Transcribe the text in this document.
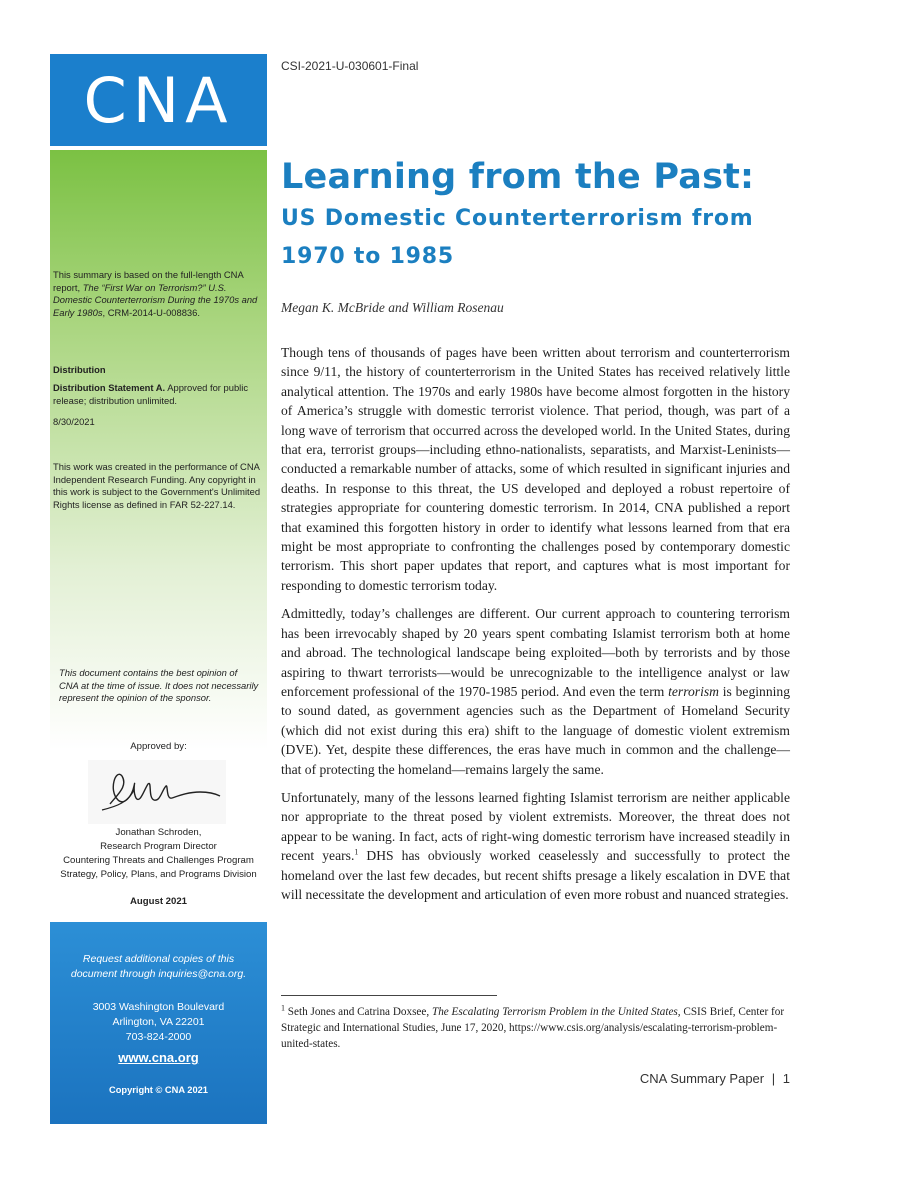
CSI-2021-U-030601-Final
CNA
This summary is based on the full-length CNA report, The “First War on Terrorism?” U.S. Domestic Counterterrorism During the 1970s and Early 1980s, CRM-2014-U-008836.
Distribution
Distribution Statement A. Approved for public release; distribution unlimited.
8/30/2021
This work was created in the performance of CNA Independent Research Funding. Any copyright in this work is subject to the Government's Unlimited Rights license as defined in FAR 52-227.14.
This document contains the best opinion of CNA at the time of issue. It does not necessarily represent the opinion of the sponsor.
Approved by:
Jonathan Schroden,
Research Program Director
Countering Threats and Challenges Program
Strategy, Policy, Plans, and Programs Division
August 2021
Request additional copies of this
document through inquiries@cna.org.
3003 Washington Boulevard
Arlington, VA 22201
703-824-2000
www.cna.org
Copyright © CNA 2021
Learning from the Past:
US Domestic Counterterrorism from 1970 to 1985
Megan K. McBride and William Rosenau

Though tens of thousands of pages have been written about terrorism and counterterrorism since 9/11, the history of counterterrorism in the United States has received relatively little analytical attention. The 1970s and early 1980s have become almost forgotten in the history of America’s struggle with domestic terrorist violence. That period, though, was part of a long wave of terrorism that occurred across the developed world. In the United States, during that era, terrorist groups—including ethno-nationalists, separatists, and Marxist-Leninists—conducted a remarkable number of attacks, some of which resulted in significant injuries and deaths. In response to this threat, the US developed and deployed a robust repertoire of strategies appropriate for countering domestic terrorism. In 2014, CNA published a report that examined this forgotten history in order to identify what lessons learned from that era might be most appropriate to confronting the challenges posed by contemporary domestic terrorism. This short paper updates that report, and captures what is most important for responding to domestic terrorism today.

Admittedly, today’s challenges are different. Our current approach to countering terrorism has been irrevocably shaped by 20 years spent combating Islamist terrorism both at home and abroad. The technological landscape being exploited—both by terrorists and by those aspiring to thwart terrorists—would be unrecognizable to the intelligence analyst or law enforcement professional of the 1970-1985 period. And even the term terrorism is beginning to sound dated, as government agencies such as the Department of Homeland Security (which did not exist during this era) shift to the language of domestic violent extremism (DVE). Yet, despite these differences, the eras have much in common and the challenge—that of protecting the homeland—remains largely the same.

Unfortunately, many of the lessons learned fighting Islamist terrorism are neither applicable nor appropriate to the threat posed by violent extremists. Moreover, the threat does not appear to be waning. In fact, acts of right-wing domestic terrorism have increased steadily in recent years.$^1$ DHS has obviously worked ceaselessly and successfully to protect the homeland over the last few decades, but recent shifts presage a likely escalation in DVE that will necessitate the development and articulation of even more robust and nuanced strategies.

$^1$ Seth Jones and Catrina Doxsee, The Escalating Terrorism Problem in the United States, CSIS Brief, Center for Strategic and International Studies, June 17, 2020, https://www.csis.org/analysis/escalating-terrorism-problem-united-states.
CNA Summary Paper | 1
